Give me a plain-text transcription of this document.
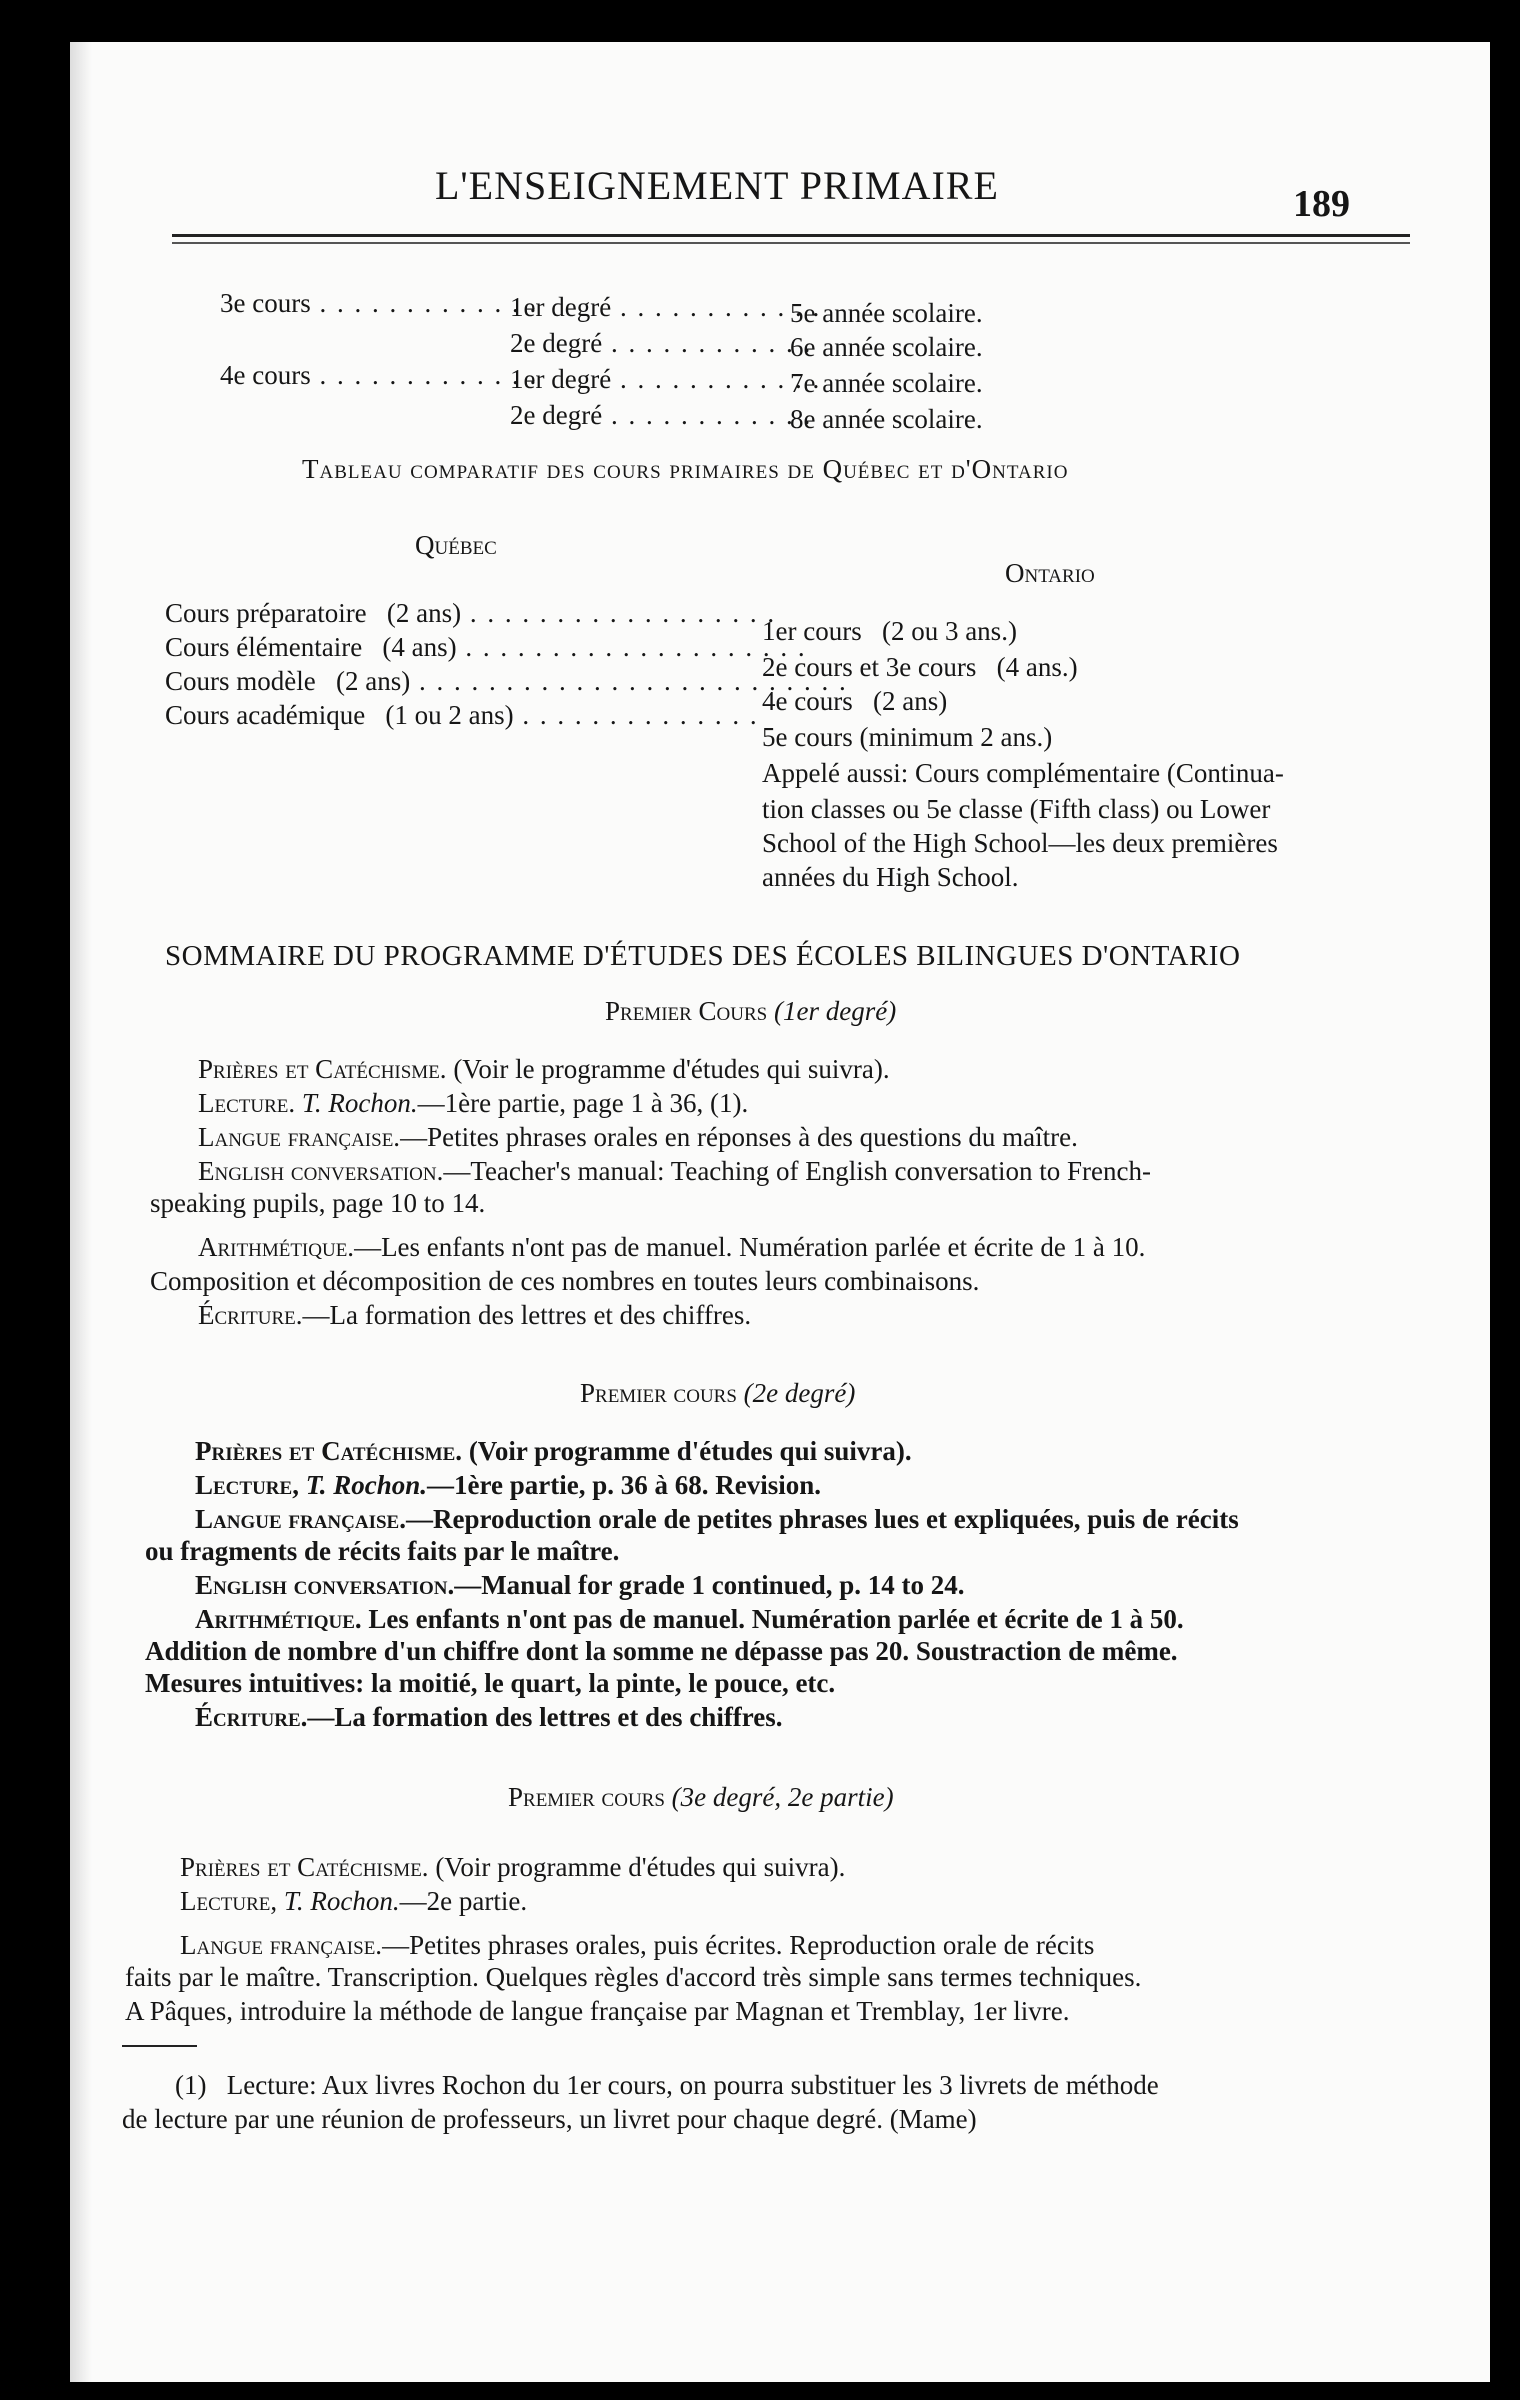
L'ENSEIGNEMENT PRIMAIRE	189
3e cours . . . . . . . . . . . . .
1er degré . . . . . . . . . . . .
5e année scolaire.
2e degré . . . . . . . . . . . .
6e année scolaire.
4e cours . . . . . . . . . . . . .
1er degré . . . . . . . . . . . .
7e année scolaire.
2e degré . . . . . . . . . . . .
8e année scolaire.
Tableau comparatif des cours primaires de Québec et d'Ontario
Québec
Ontario
Cours préparatoire   (2 ans) . . . . . . . . . . . . . . . . . .
1er cours   (2 ou 3 ans.)
Cours élémentaire   (4 ans) . . . . . . . . . . . . . . . . . . . .
2e cours et 3e cours   (4 ans.)
Cours modèle   (2 ans) . . . . . . . . . . . . . . . . . . . . . . . . .
4e cours   (2 ans)
Cours académique   (1 ou 2 ans) . . . . . . . . . . . . . .
5e cours (minimum 2 ans.)
Appelé aussi: Cours complémentaire (Continua-
tion classes ou 5e classe (Fifth class) ou Lower
School of the High School—les deux premières
années du High School.
SOMMAIRE DU PROGRAMME D'ÉTUDES DES ÉCOLES BILINGUES D'ONTARIO
Premier Cours (1er degré)
Prières et Catéchisme. (Voir le programme d'études qui suivra).
Lecture. T. Rochon.—1ère partie, page 1 à 36, (1).
Langue française.—Petites phrases orales en réponses à des questions du maître.
English conversation.—Teacher's manual: Teaching of English conversation to French-
speaking pupils, page 10 to 14.
Arithmétique.—Les enfants n'ont pas de manuel. Numération parlée et écrite de 1 à 10.
Composition et décomposition de ces nombres en toutes leurs combinaisons.
Écriture.—La formation des lettres et des chiffres.
Premier cours (2e degré)
Prières et Catéchisme. (Voir programme d'études qui suivra).
Lecture, T. Rochon.—1ère partie, p. 36 à 68. Revision.
Langue française.—Reproduction orale de petites phrases lues et expliquées, puis de récits
ou fragments de récits faits par le maître.
English conversation.—Manual for grade 1 continued, p. 14 to 24.
Arithmétique. Les enfants n'ont pas de manuel. Numération parlée et écrite de 1 à 50.
Addition de nombre d'un chiffre dont la somme ne dépasse pas 20. Soustraction de même.
Mesures intuitives: la moitié, le quart, la pinte, le pouce, etc.
Écriture.—La formation des lettres et des chiffres.
Premier cours (3e degré, 2e partie)
Prières et Catéchisme. (Voir programme d'études qui suivra).
Lecture, T. Rochon.—2e partie.
Langue française.—Petites phrases orales, puis écrites. Reproduction orale de récits
faits par le maître. Transcription. Quelques règles d'accord très simple sans termes techniques.
A Pâques, introduire la méthode de langue française par Magnan et Tremblay, 1er livre.
(1)   Lecture: Aux livres Rochon du 1er cours, on pourra substituer les 3 livrets de méthode
de lecture par une réunion de professeurs, un livret pour chaque degré. (Mame)
